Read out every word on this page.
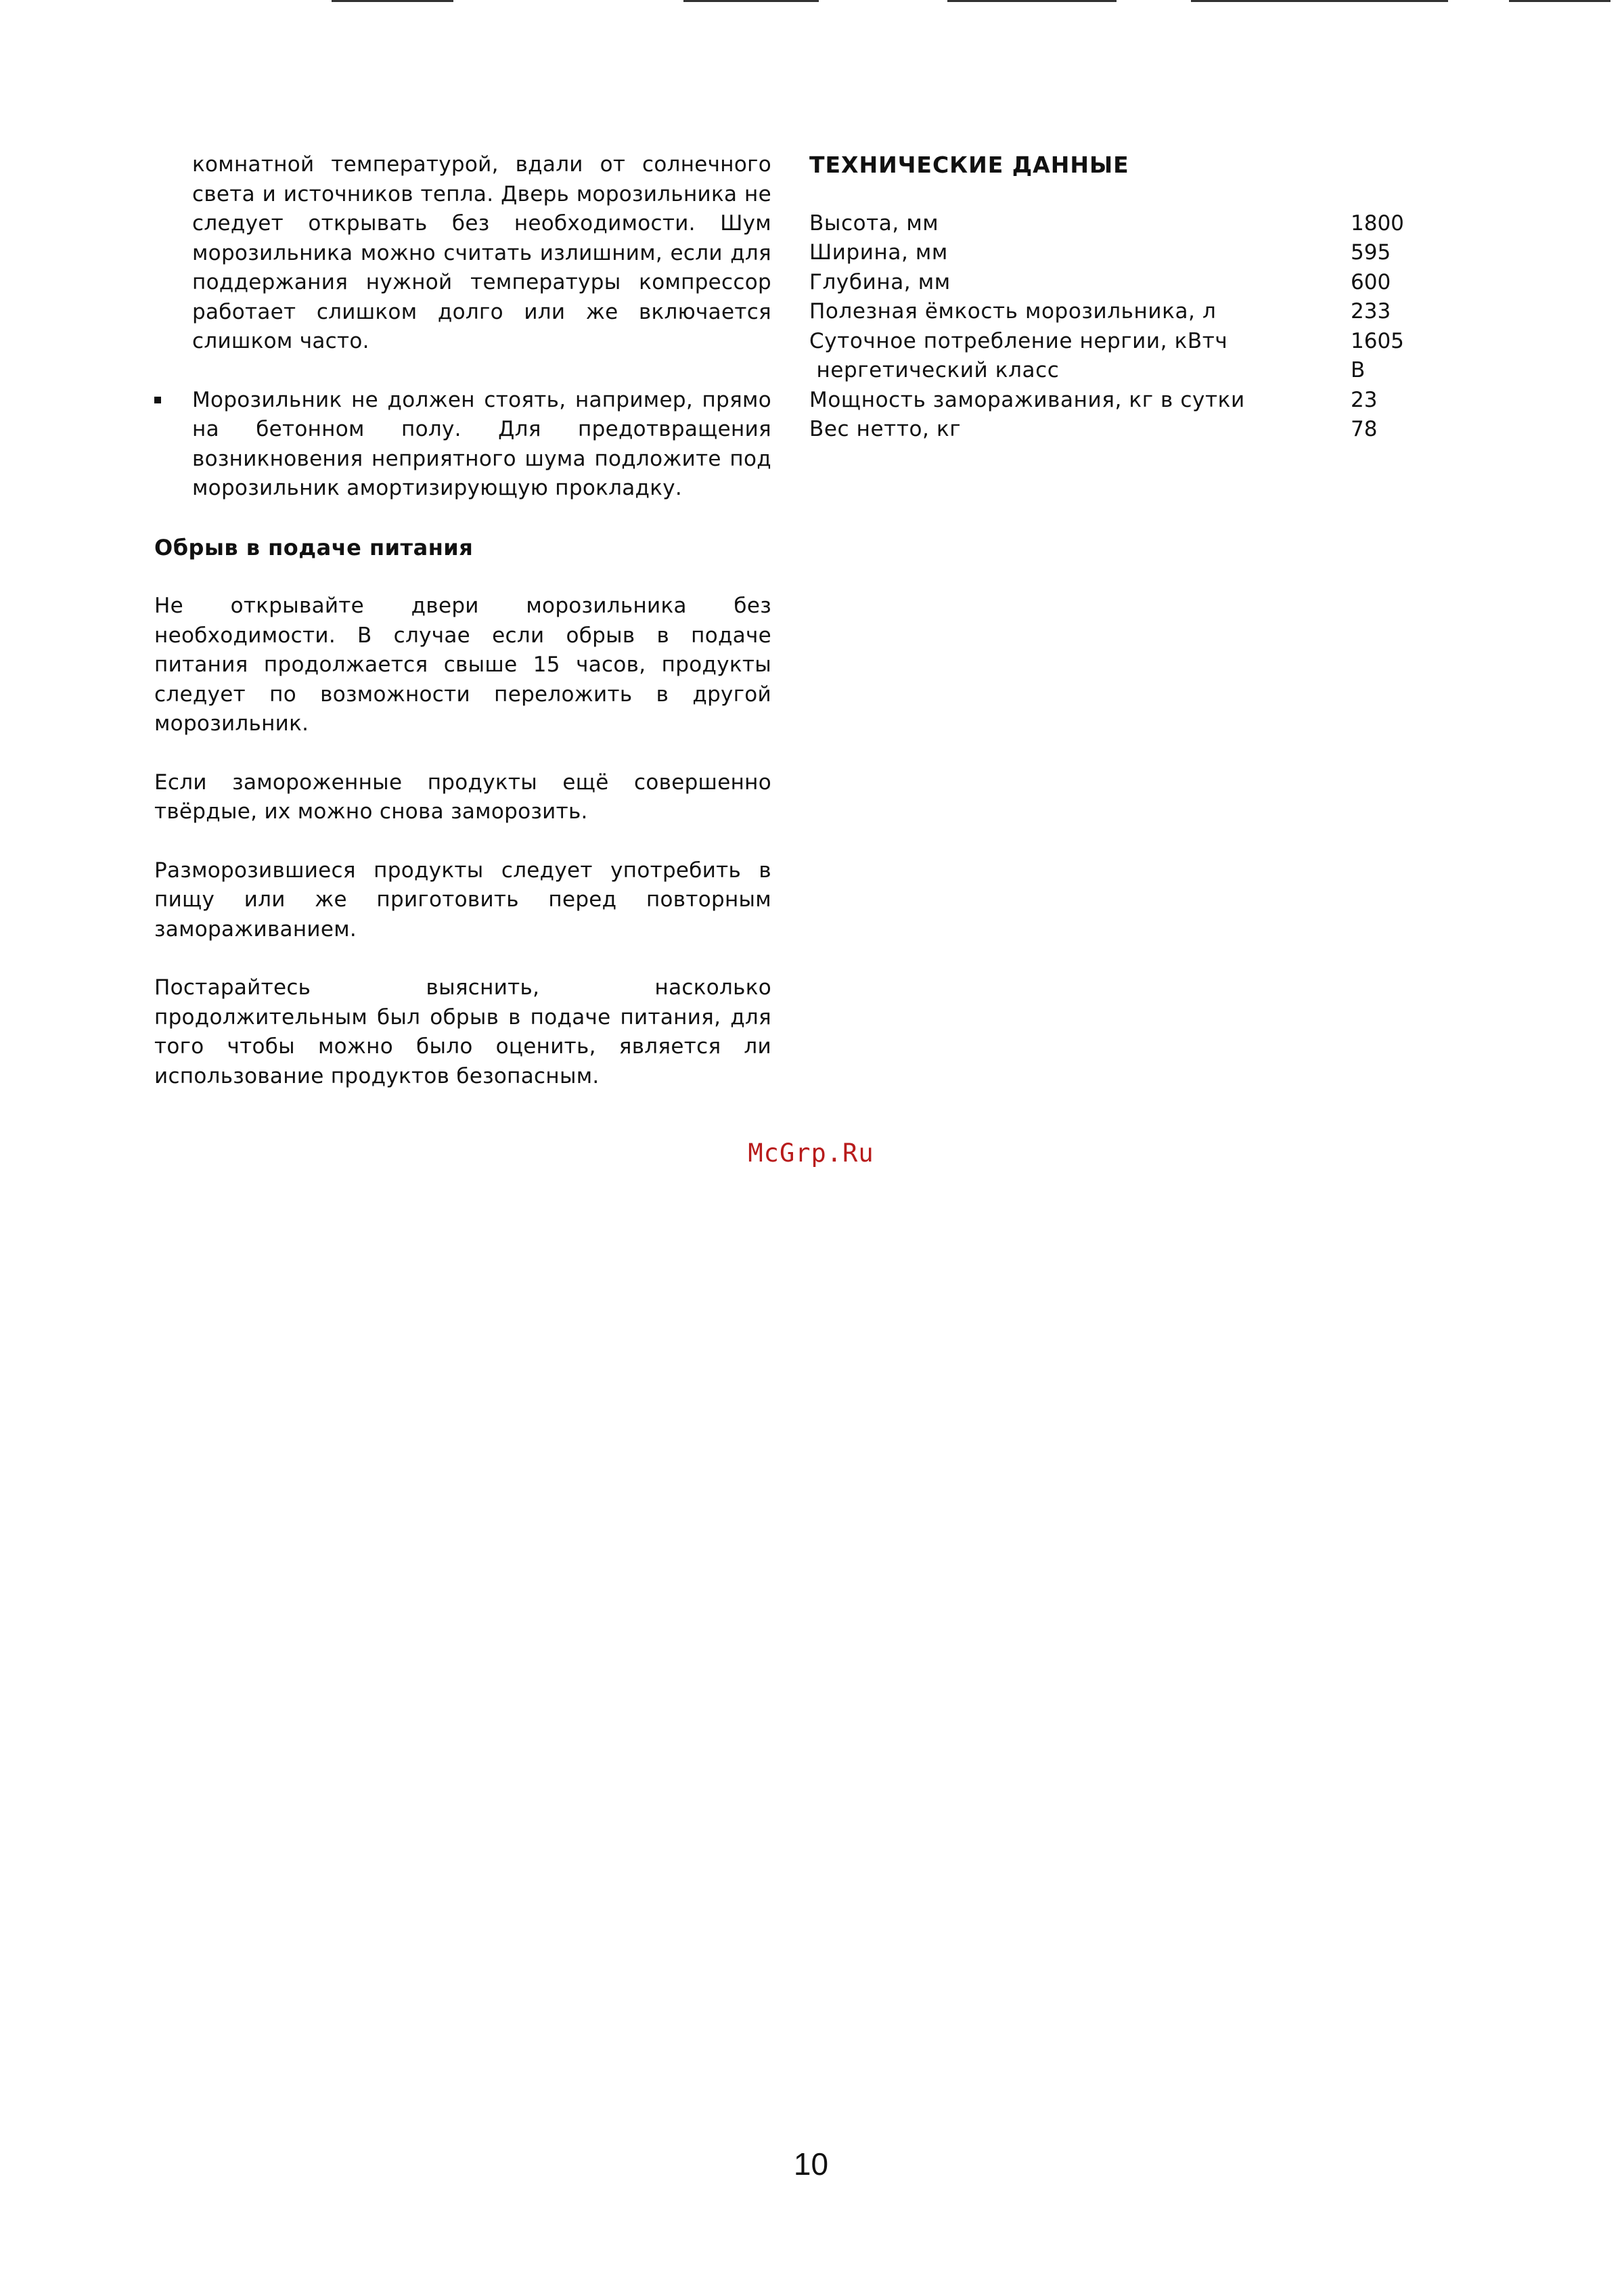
комнатной температурой, вдали от солнечного света и источников тепла. Дверь морозильника не следует открывать без необходимости. Шум морозильника можно считать излишним, если для поддержания нужной температуры компрессор работает слишком долго или же включается слишком часто.

Морозильник не должен стоять, например, прямо на бетонном полу. Для предотвращения возникновения неприятного шума подложите под морозильник амортизирующую прокладку.

Обрыв в подаче питания

Не открывайте двери морозильника без необходимости. В случае если обрыв в подаче питания продолжается свыше 15 часов, продукты следует по возможности переложить в другой морозильник.

Если замороженные продукты ещё совершенно твёрдые, их можно снова заморозить.

Разморозившиеся продукты следует употребить в пищу или же приготовить перед повторным замораживанием.

Постарайтесь выяснить, насколько продолжительным был обрыв в подаче питания, для того чтобы можно было оценить, является ли использование продуктов безопасным.

ТЕХНИЧЕСКИЕ ДАННЫЕ
Высота, мм	1800
Ширина, мм	595
Глубина, мм	600
Полезная ёмкость морозильника, л	233
Суточное потребление нергии, кВтч	1605
нергетический класс	B
Мощность замораживания, кг в сутки	23
Вес нетто, кг	78
McGrp.Ru
10
